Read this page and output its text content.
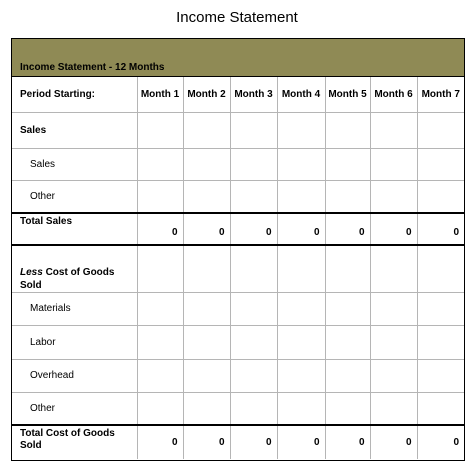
Income Statement
Income Statement - 12 Months
Period Starting:	Month 1	Month 2	Month 3	Month 4	Month 5	Month 6	Month 7
Sales							
Sales							
Other							
Total Sales	0	0	0	0	0	0	0
Less Cost of Goods Sold							
Materials							
Labor							
Overhead							
Other							
Total Cost of Goods Sold	0	0	0	0	0	0	0
